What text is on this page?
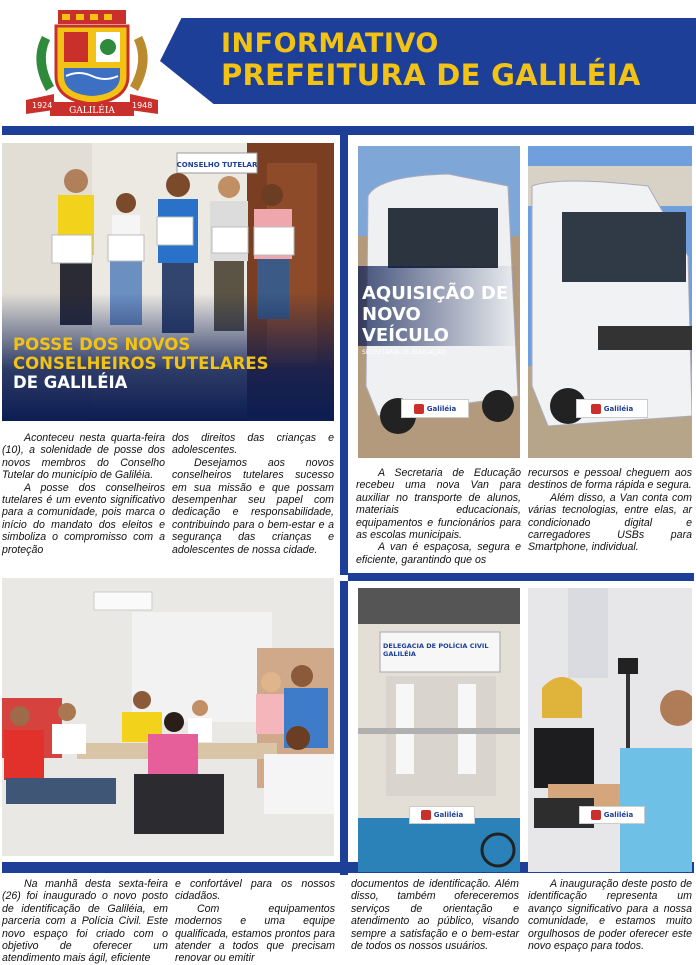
1924	1948
GALILÉIA
INFORMATIVO
PREFEITURA DE GALILÉIA
CONSELHO TUTELAR
POSSE DOS NOVOS
CONSELHEIROS TUTELARES
DE GALILÉIA

Aconteceu nesta quarta-feira (10), a solenidade de posse dos novos membros do Conselho Tutelar do município de Galiléia.

A posse dos conselheiros tutelares é um evento significativo para a comunidade, pois marca o início do mandato dos eleitos e simboliza o compromisso com a proteção

dos direitos das crianças e adolescentes.

Desejamos aos novos conselheiros tutelares sucesso em sua missão e que possam desempenhar seu papel com dedicação e responsabilidade, contribuindo para o bem-estar e a segurança das crianças e adolescentes de nossa cidade.

AQUISIÇÃO DE
NOVO VEÍCULO
SECRETARIA DE EDUCAÇÃO
Galiléia	Galiléia

A Secretaria de Educação recebeu uma nova Van para auxiliar no transporte de alunos, materiais educacionais, equipamentos e funcionários para as escolas municipais.

A van é espaçosa, segura e eficiente, garantindo que os

recursos e pessoal cheguem aos destinos de forma rápida e segura.

Além disso, a Van conta com várias tecnologias, entre elas, ar condicionado digital e carregadores USBs para Smartphone, individual.

DELEGACIA DE POLÍCIA CIVIL
GALILÉIA
Galiléia	Galiléia

Na manhã desta sexta-feira (26) foi inaugurado o novo posto de identificação de Galiléia, em parceria com a Polícia Civil. Este novo espaço foi criado com o objetivo de oferecer um atendimento mais ágil, eficiente

e confortável para os nossos cidadãos.

Com equipamentos modernos e uma equipe qualificada, estamos prontos para atender a todos que precisam renovar ou emitir

documentos de identificação. Além disso, também ofereceremos serviços de orientação e atendimento ao público, visando sempre a satisfação e o bem-estar de todos os nossos usuários.

A inauguração deste posto de identificação representa um avanço significativo para a nossa comunidade, e estamos muito orgulhosos de poder oferecer este novo espaço para todos.
